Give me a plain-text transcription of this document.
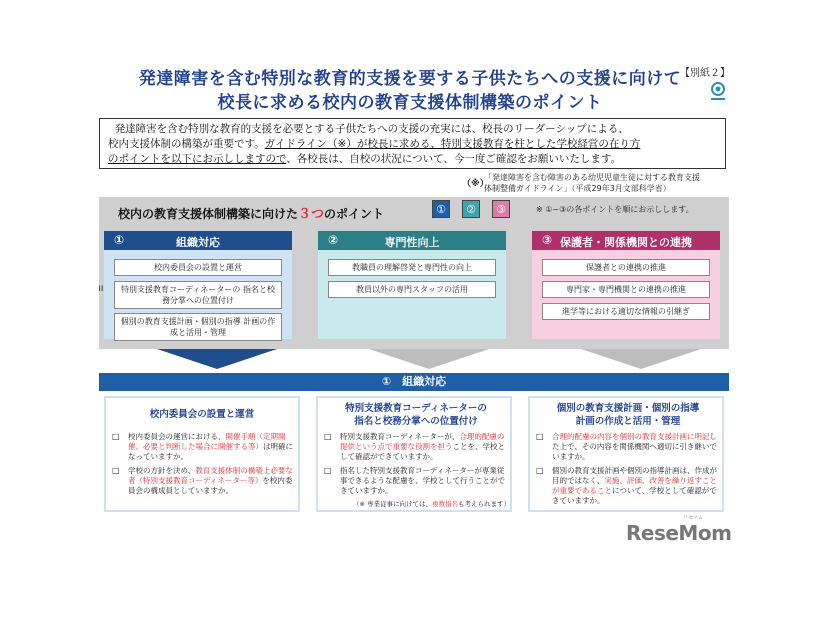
【別紙２】
発達障害を含む特別な教育的支援を要する子供たちへの支援に向けて
校長に求める校内の教育支援体制構築のポイント
発達障害を含む特別な教育的支援を必要とする子供たちへの支援の充実には、校長のリーダーシップによる、
校内支援体制の構築が重要です。ガイドライン（※）が校長に求める、特別支援教育を柱とした学校経営の在り方
のポイントを以下にお示ししますので、各校長は、自校の状況について、今一度ご確認をお願いいたします。
（※）
「発達障害を含む障害のある幼児児童生徒に対する教育支援
体制整備ガイドライン」（平成29年3月文部科学省）
校内の教育支援体制構築に向けた３つのポイント	①	②	③	※ ①~③の各ポイントを順にお示しします。
ıı
①	組織対応
校内委員会の設置と運営
特別支援教育コーディネーターの 指名と校務分掌への位置付け
個別の教育支援計画・個別の指導 計画の作成と活用・管理
②	専門性向上
教職員の理解啓発と専門性の向上
教員以外の専門スタッフの活用
③ 保護者・関係機関との連携
保護者との連携の推進
専門家・専門機関との連携の推進
進学等における適切な情報の引継ぎ
①　組織対応
校内委員会の設置と運営
□ 校内委員会の運営における、開催手順（定期開催、必要と判断した場合に開催する等）は明確になっていますか。
□ 学校の方針を決め、教育支援体制の構築上必要な者（特別支援教育コーディネーター等）を校内委員会の構成員としていますか。
特別支援教育コーディネーターの 指名と校務分掌への位置付け
□ 特別支援教育コーディネーターが、合理的配慮の提供という点で重要な役割を担うことを、学校として確認ができていますか。
□ 指名した特別支援教育コーディネーターが専業従事できるような配慮を、学校として行うことができていますか。
（※ 専業従事に向けては、複数指名も考えられます）
個別の教育支援計画・個別の指導 計画の作成と活用・管理
□ 合理的配慮の内容を個別の教育支援計画に明記した上で、その内容を関係機関へ適切に引き継いでいますか。
□ 個別の教育支援計画や個別の指導計画は、作成が目的ではなく、実施、評価、改善を繰り返すことが重要であることについて、学校として確認ができていますか。
ReseMom
リセマム
